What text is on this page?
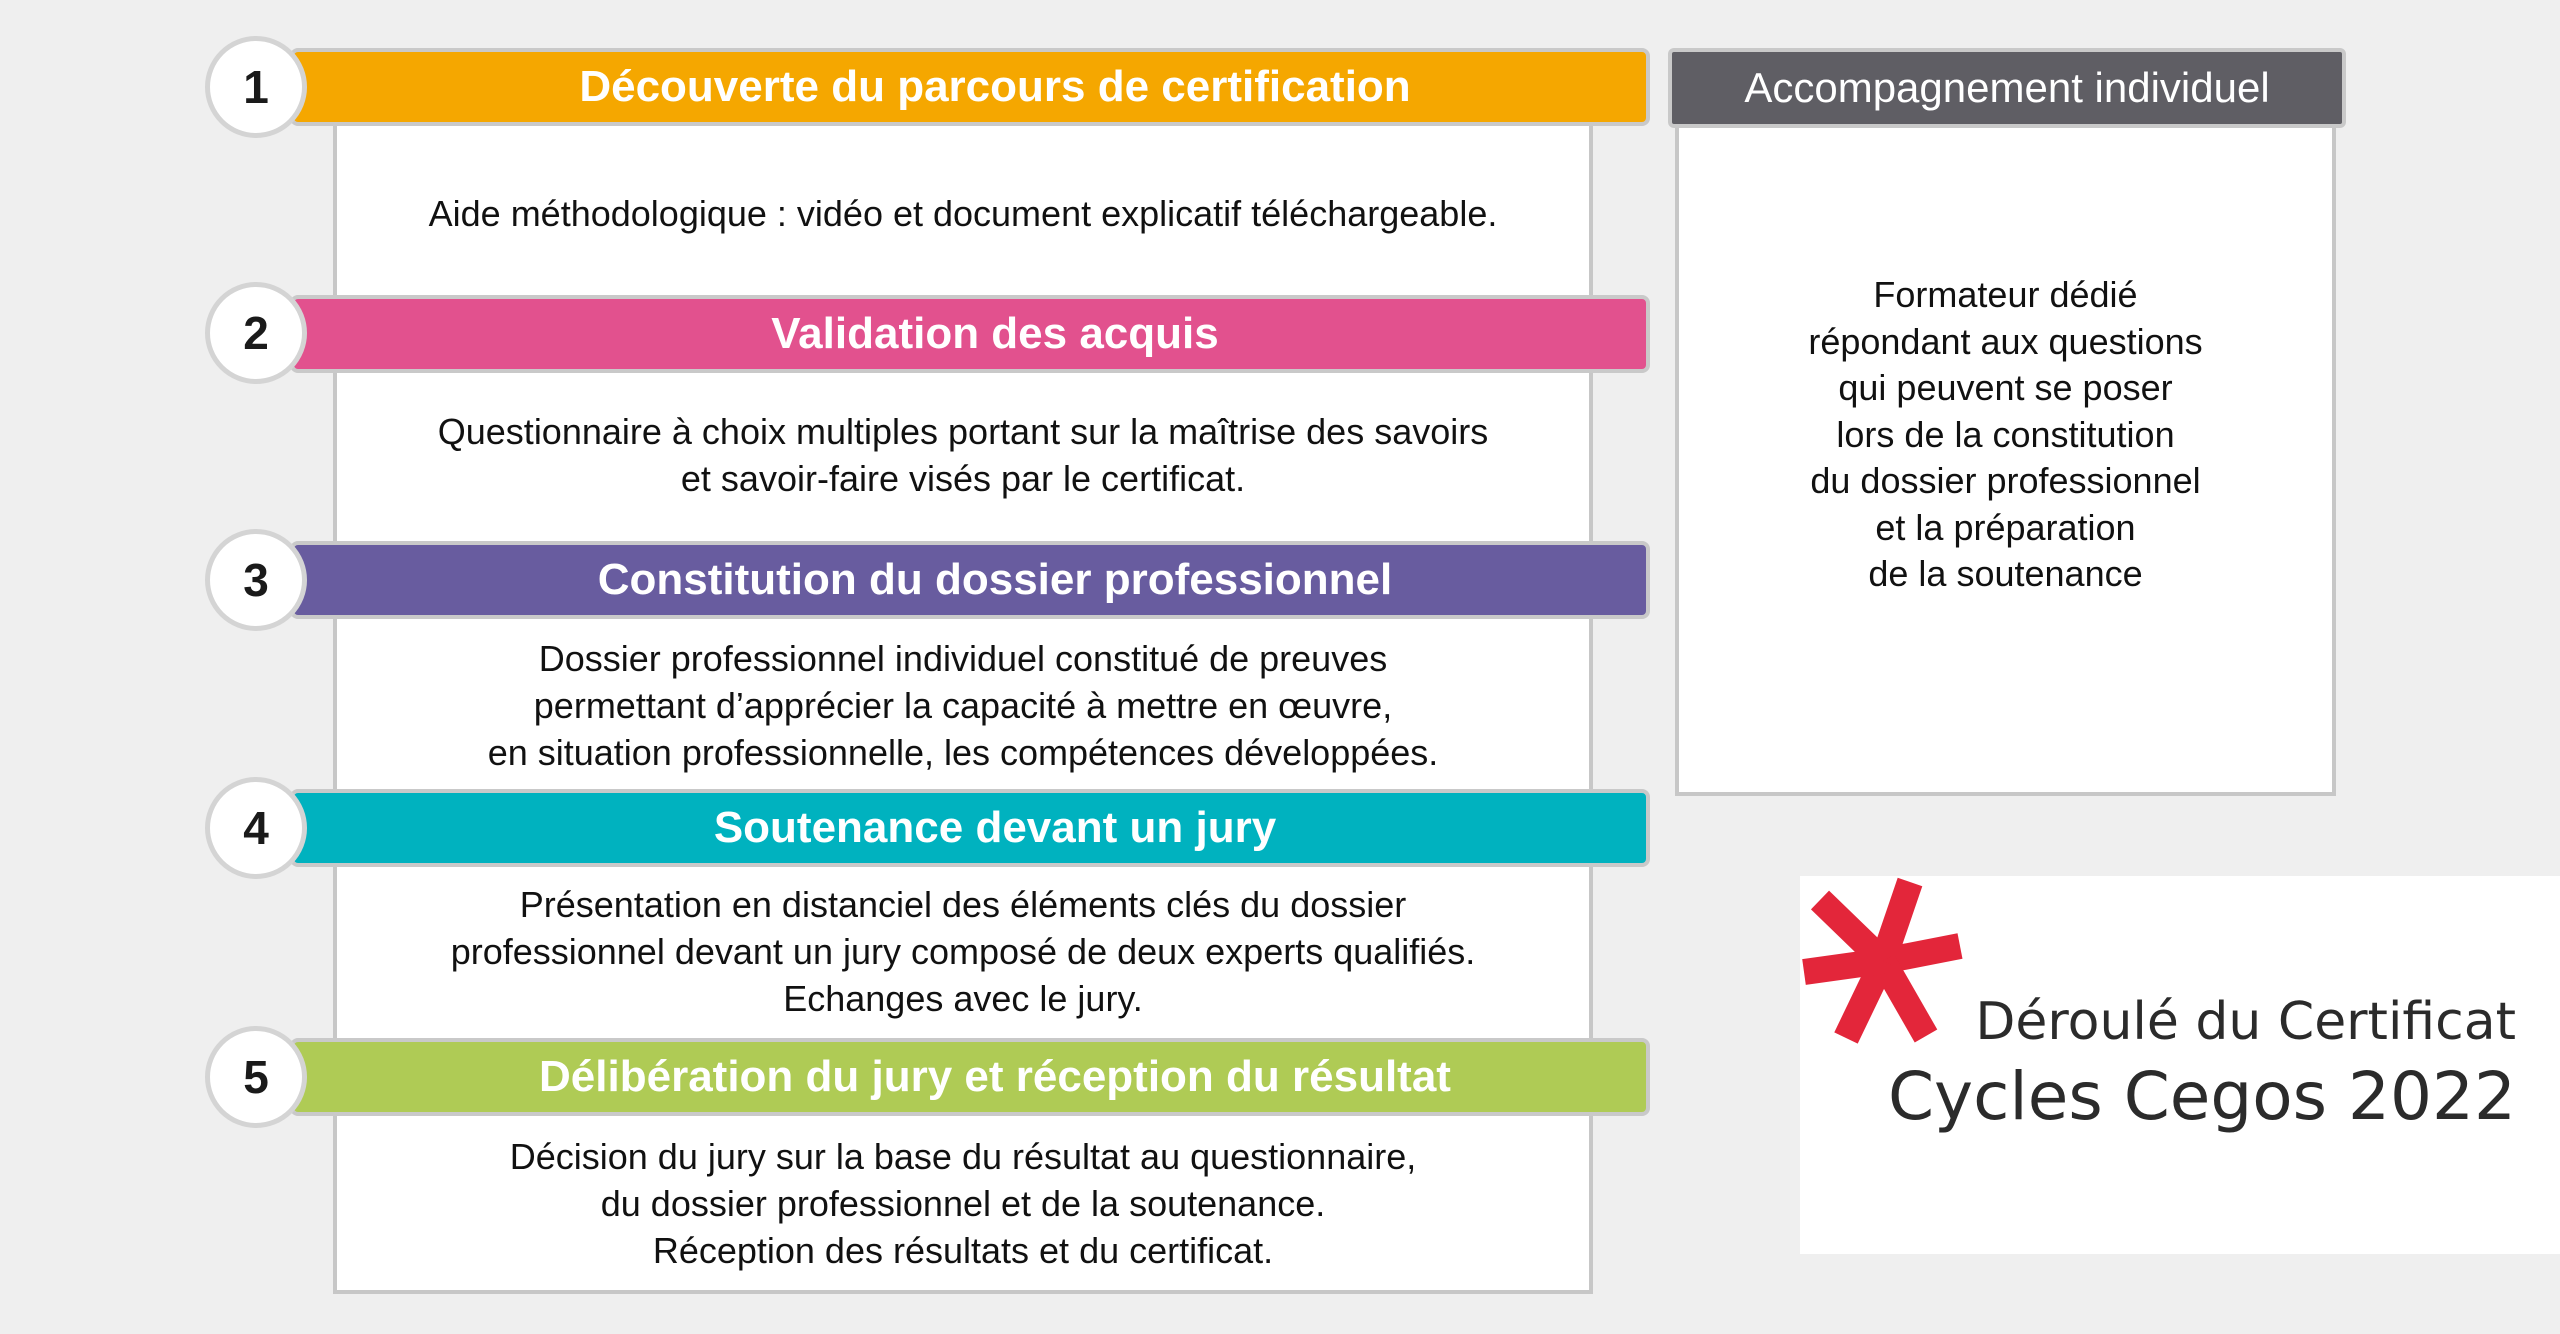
Découverte du parcours de certification
1
Aide méthodologique : vidéo et document explicatif téléchargeable.
Validation des acquis
2
Questionnaire à choix multiples portant sur la maîtrise des savoirs
et savoir-faire visés par le certificat.
Constitution du dossier professionnel
3
Dossier professionnel individuel constitué de preuves
permettant d’apprécier la capacité à mettre en œuvre,
en situation professionnelle, les compétences développées.
Soutenance devant un jury
4
Présentation en distanciel des éléments clés du dossier
professionnel devant un jury composé de deux experts qualifiés.
Echanges avec le jury.
Délibération du jury et réception du résultat
5
Décision du jury sur la base du résultat au questionnaire,
du dossier professionnel et de la soutenance.
Réception des résultats et du certificat.
Accompagnement individuel
Formateur dédié
répondant aux questions
qui peuvent se poser
lors de la constitution
du dossier professionnel
et la préparation
de la soutenance
Déroulé du Certificat
Cycles Cegos 2022
